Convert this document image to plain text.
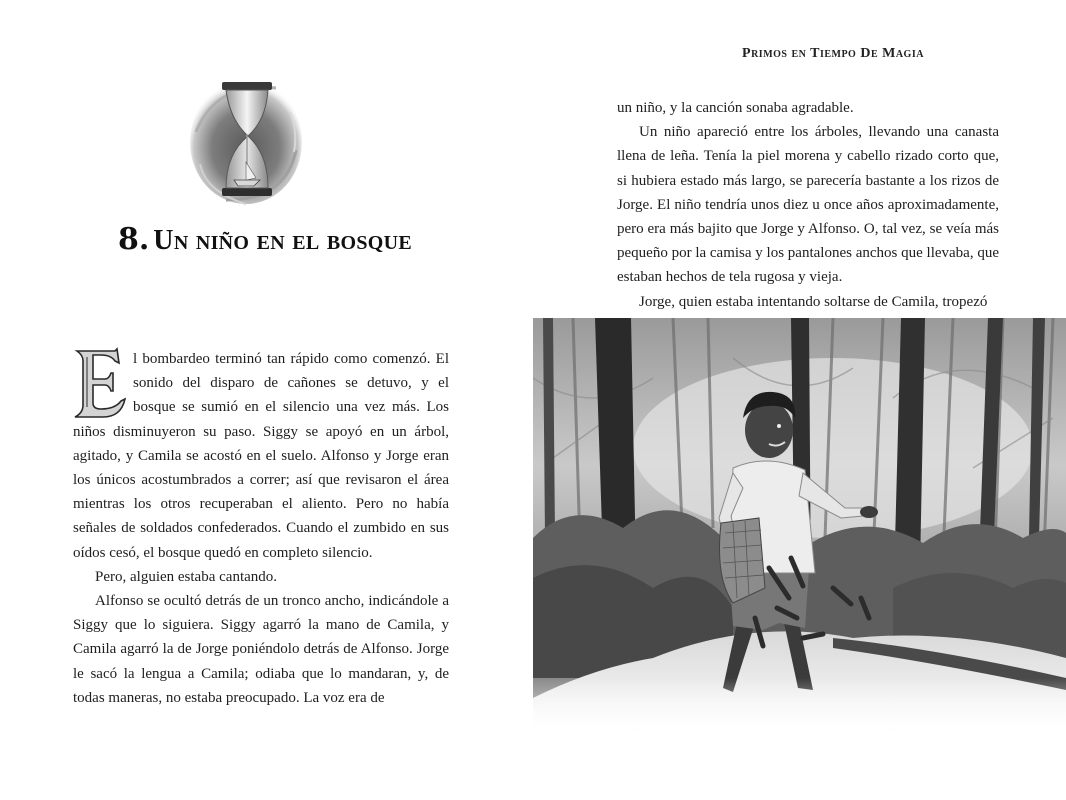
8. Un niño en el bosque

l bombardeo terminó tan rápido como comenzó. El sonido del disparo de cañones se detuvo, y el bosque se sumió en el silencio una vez más. Los niños disminuyeron su paso. Siggy se apoyó en un árbol, agitado, y Camila se acostó en el suelo. Alfonso y Jorge eran los únicos acostumbrados a correr; así que revisaron el área mientras los otros recuperaban el aliento. Pero no había señales de soldados confederados. Cuando el zumbido en sus oídos cesó, el bosque quedó en completo silencio.

Pero, alguien estaba cantando.

Alfonso se ocultó detrás de un tronco ancho, indicándole a Siggy que lo siguiera. Siggy agarró la mano de Camila, y Camila agarró la de Jorge poniéndolo detrás de Alfonso. Jorge le sacó la lengua a Camila; odiaba que lo mandaran, y, de todas maneras, no estaba preocupado. La voz era de

Primos en Tiempo De Magia

un niño, y la canción sonaba agradable.

Un niño apareció entre los árboles, llevando una canasta llena de leña. Tenía la piel morena y cabello rizado corto que, si hubiera estado más largo, se parecería bastante a los rizos de Jorge. El niño tendría unos diez u once años aproximadamente, pero era más bajito que Jorge y Alfonso. O, tal vez, se veía más pequeño por la camisa y los pantalones anchos que llevaba, que estaban hechos de tela rugosa y vieja.

Jorge, quien estaba intentando soltarse de Camila, tropezó
